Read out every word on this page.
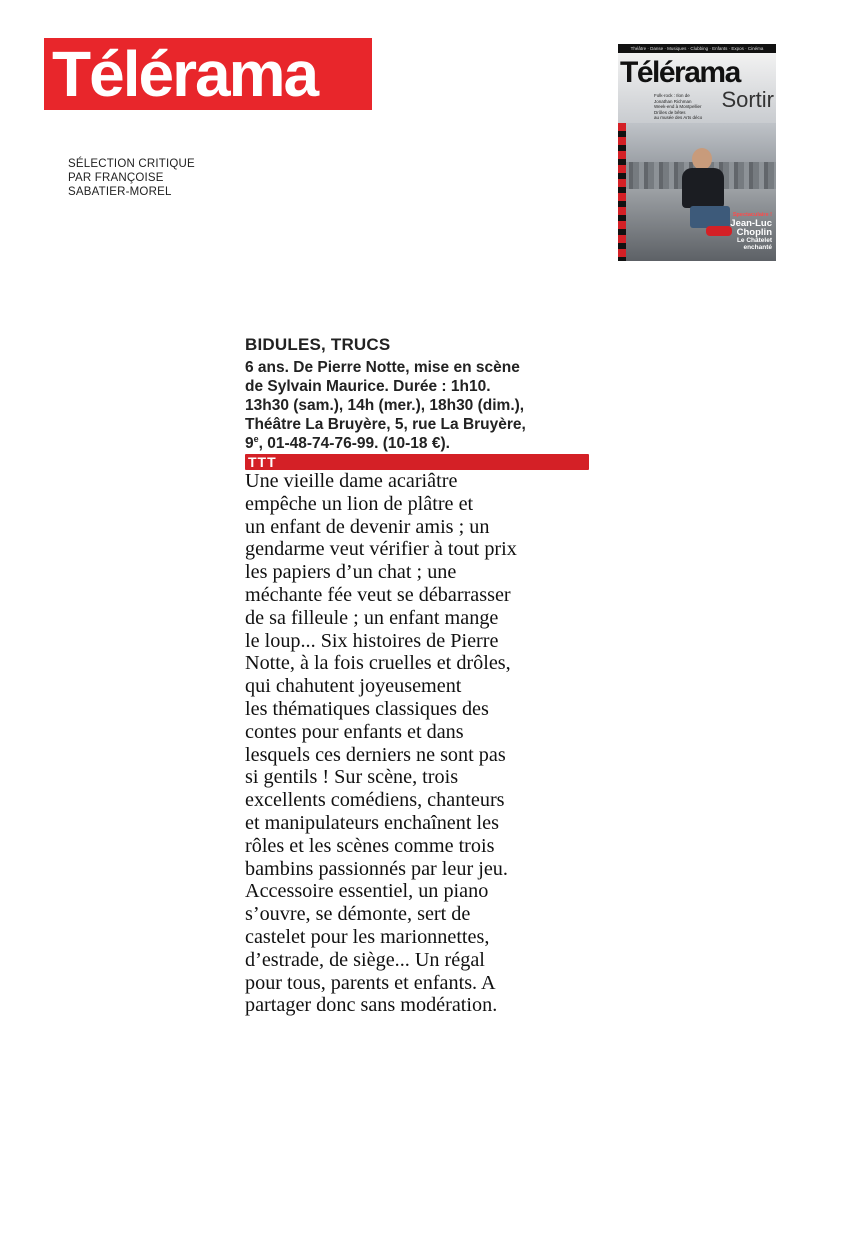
Télérama
SÉLECTION CRITIQUE
PAR FRANÇOISE
SABATIER-MOREL
Théâtre · Danse · Musiques · Clubbing · Enfants · Expos · Cinéma
Télérama
Folk-rock : Ilon de
Jonathan Richman
Week-end à Montpellier
Drôles de bêtes
au musée des Arts déco
Sortir
Spectaculaire !
Jean-Luc
Choplin
Le Châtelet
enchanté
BIDULES, TRUCS
6 ans. De Pierre Notte, mise en scène
de Sylvain Maurice. Durée : 1h10.
13h30 (sam.), 14h (mer.), 18h30 (dim.),
Théâtre La Bruyère, 5, rue La Bruyère,
9e, 01-48-74-76-99. (10-18 €).
TTT
Une vieille dame acariâtre
empêche un lion de plâtre et
un enfant de devenir amis ; un
gendarme veut vérifier à tout prix
les papiers d’un chat ; une
méchante fée veut se débarrasser
de sa filleule ; un enfant mange
le loup... Six histoires de Pierre
Notte, à la fois cruelles et drôles,
qui chahutent joyeusement
les thématiques classiques des
contes pour enfants et dans
lesquels ces derniers ne sont pas
si gentils ! Sur scène, trois
excellents comédiens, chanteurs
et manipulateurs enchaînent les
rôles et les scènes comme trois
bambins passionnés par leur jeu.
Accessoire essentiel, un piano
s’ouvre, se démonte, sert de
castelet pour les marionnettes,
d’estrade, de siège... Un régal
pour tous, parents et enfants. A
partager donc sans modération.
